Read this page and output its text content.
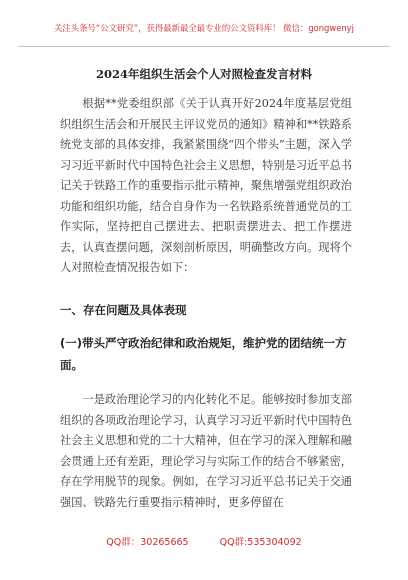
关注头条号“公文研究”，获得最新最全最专业的公文资料库！ 微信：gongwenyj
2024年组织生活会个人对照检查发言材料

根据**党委组织部《关于认真开好2024年度基层党组织组织生活会和开展民主评议党员的通知》精神和**铁路系统党支部的具体安排，我紧紧围绕“四个带头”主题，深入学习习近平新时代中国特色社会主义思想，特别是习近平总书记关于铁路工作的重要指示批示精神，聚焦增强党组织政治功能和组织功能，结合自身作为一名铁路系统普通党员的工作实际，坚持把自己摆进去、把职责摆进去、把工作摆进去，认真查摆问题，深刻剖析原因，明确整改方向。现将个人对照检查情况报告如下：

一、存在问题及具体表现

(一)带头严守政治纪律和政治规矩，维护党的团结统一方面。

一是政治理论学习的内化转化不足。能够按时参加支部组织的各项政治理论学习，认真学习习近平新时代中国特色社会主义思想和党的二十大精神，但在学习的深入理解和融会贯通上还有差距，理论学习与实际工作的结合不够紧密，存在学用脱节的现象。例如，在学习习近平总书记关于交通强国、铁路先行重要指示精神时，更多停留在

QQ群：30265665	QQ群:535304092
